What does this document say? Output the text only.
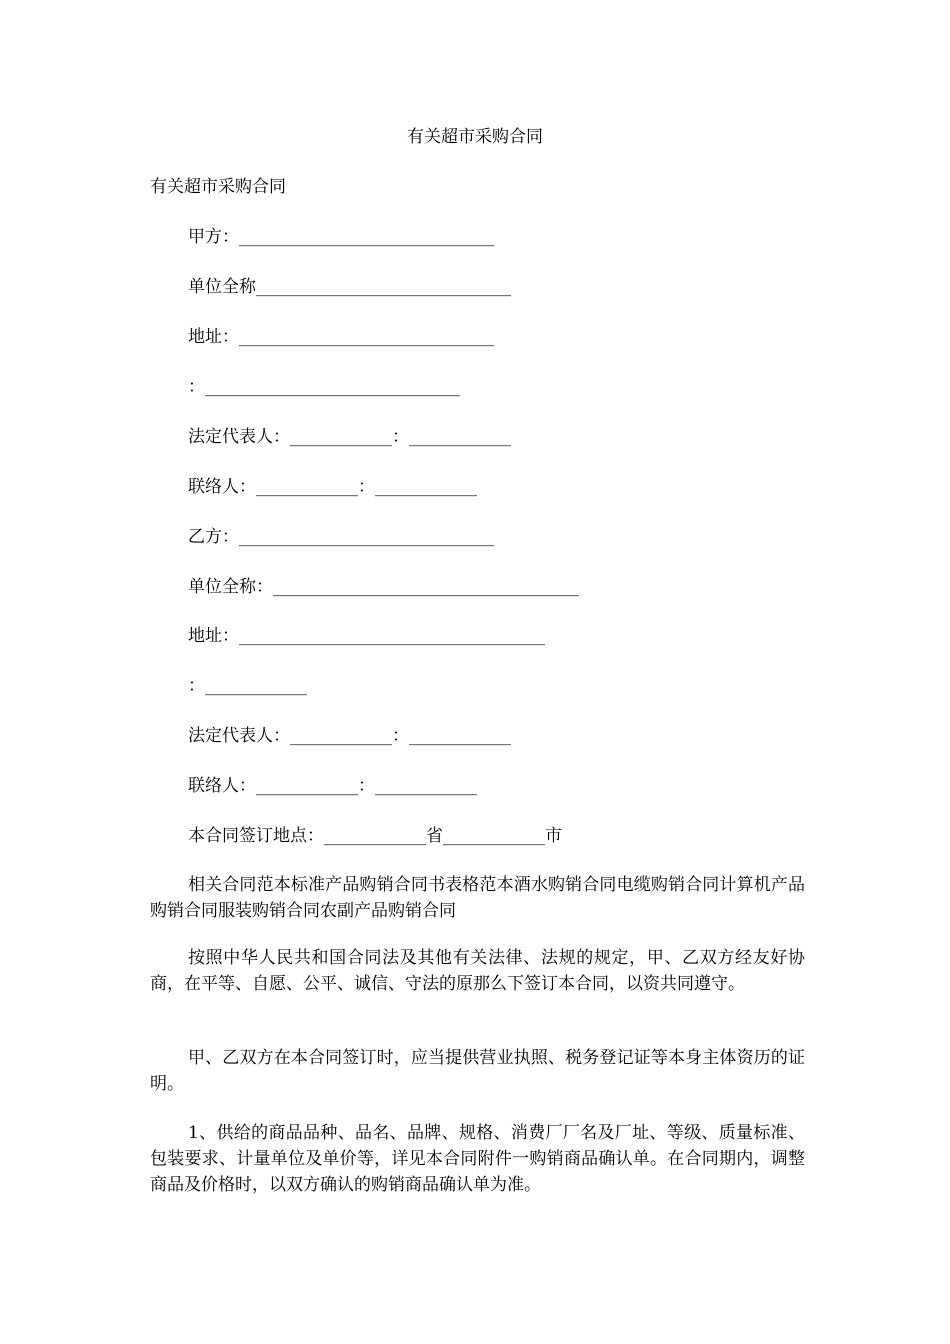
有关超市采购合同
有关超市采购合同
甲方：______________________________
单位全称______________________________
地址：______________________________
：______________________________
法定代表人：____________：____________
联络人：____________：____________
乙方：______________________________
单位全称：____________________________________
地址：____________________________________
：____________
法定代表人：____________：____________
联络人：____________：____________
本合同签订地点：____________省____________市
相关合同范本标准产品购销合同书表格范本酒水购销合同电缆购销合同计算机产品购销合同服装购销合同农副产品购销合同
按照中华人民共和国合同法及其他有关法律、法规的规定，甲、乙双方经友好协商，在平等、自愿、公平、诚信、守法的原那么下签订本合同，以资共同遵守。
甲、乙双方在本合同签订时，应当提供营业执照、税务登记证等本身主体资历的证明。
1、供给的商品品种、品名、品牌、规格、消费厂厂名及厂址、等级、质量标准、包装要求、计量单位及单价等，详见本合同附件一购销商品确认单。在合同期内，调整商品及价格时，以双方确认的购销商品确认单为准。
